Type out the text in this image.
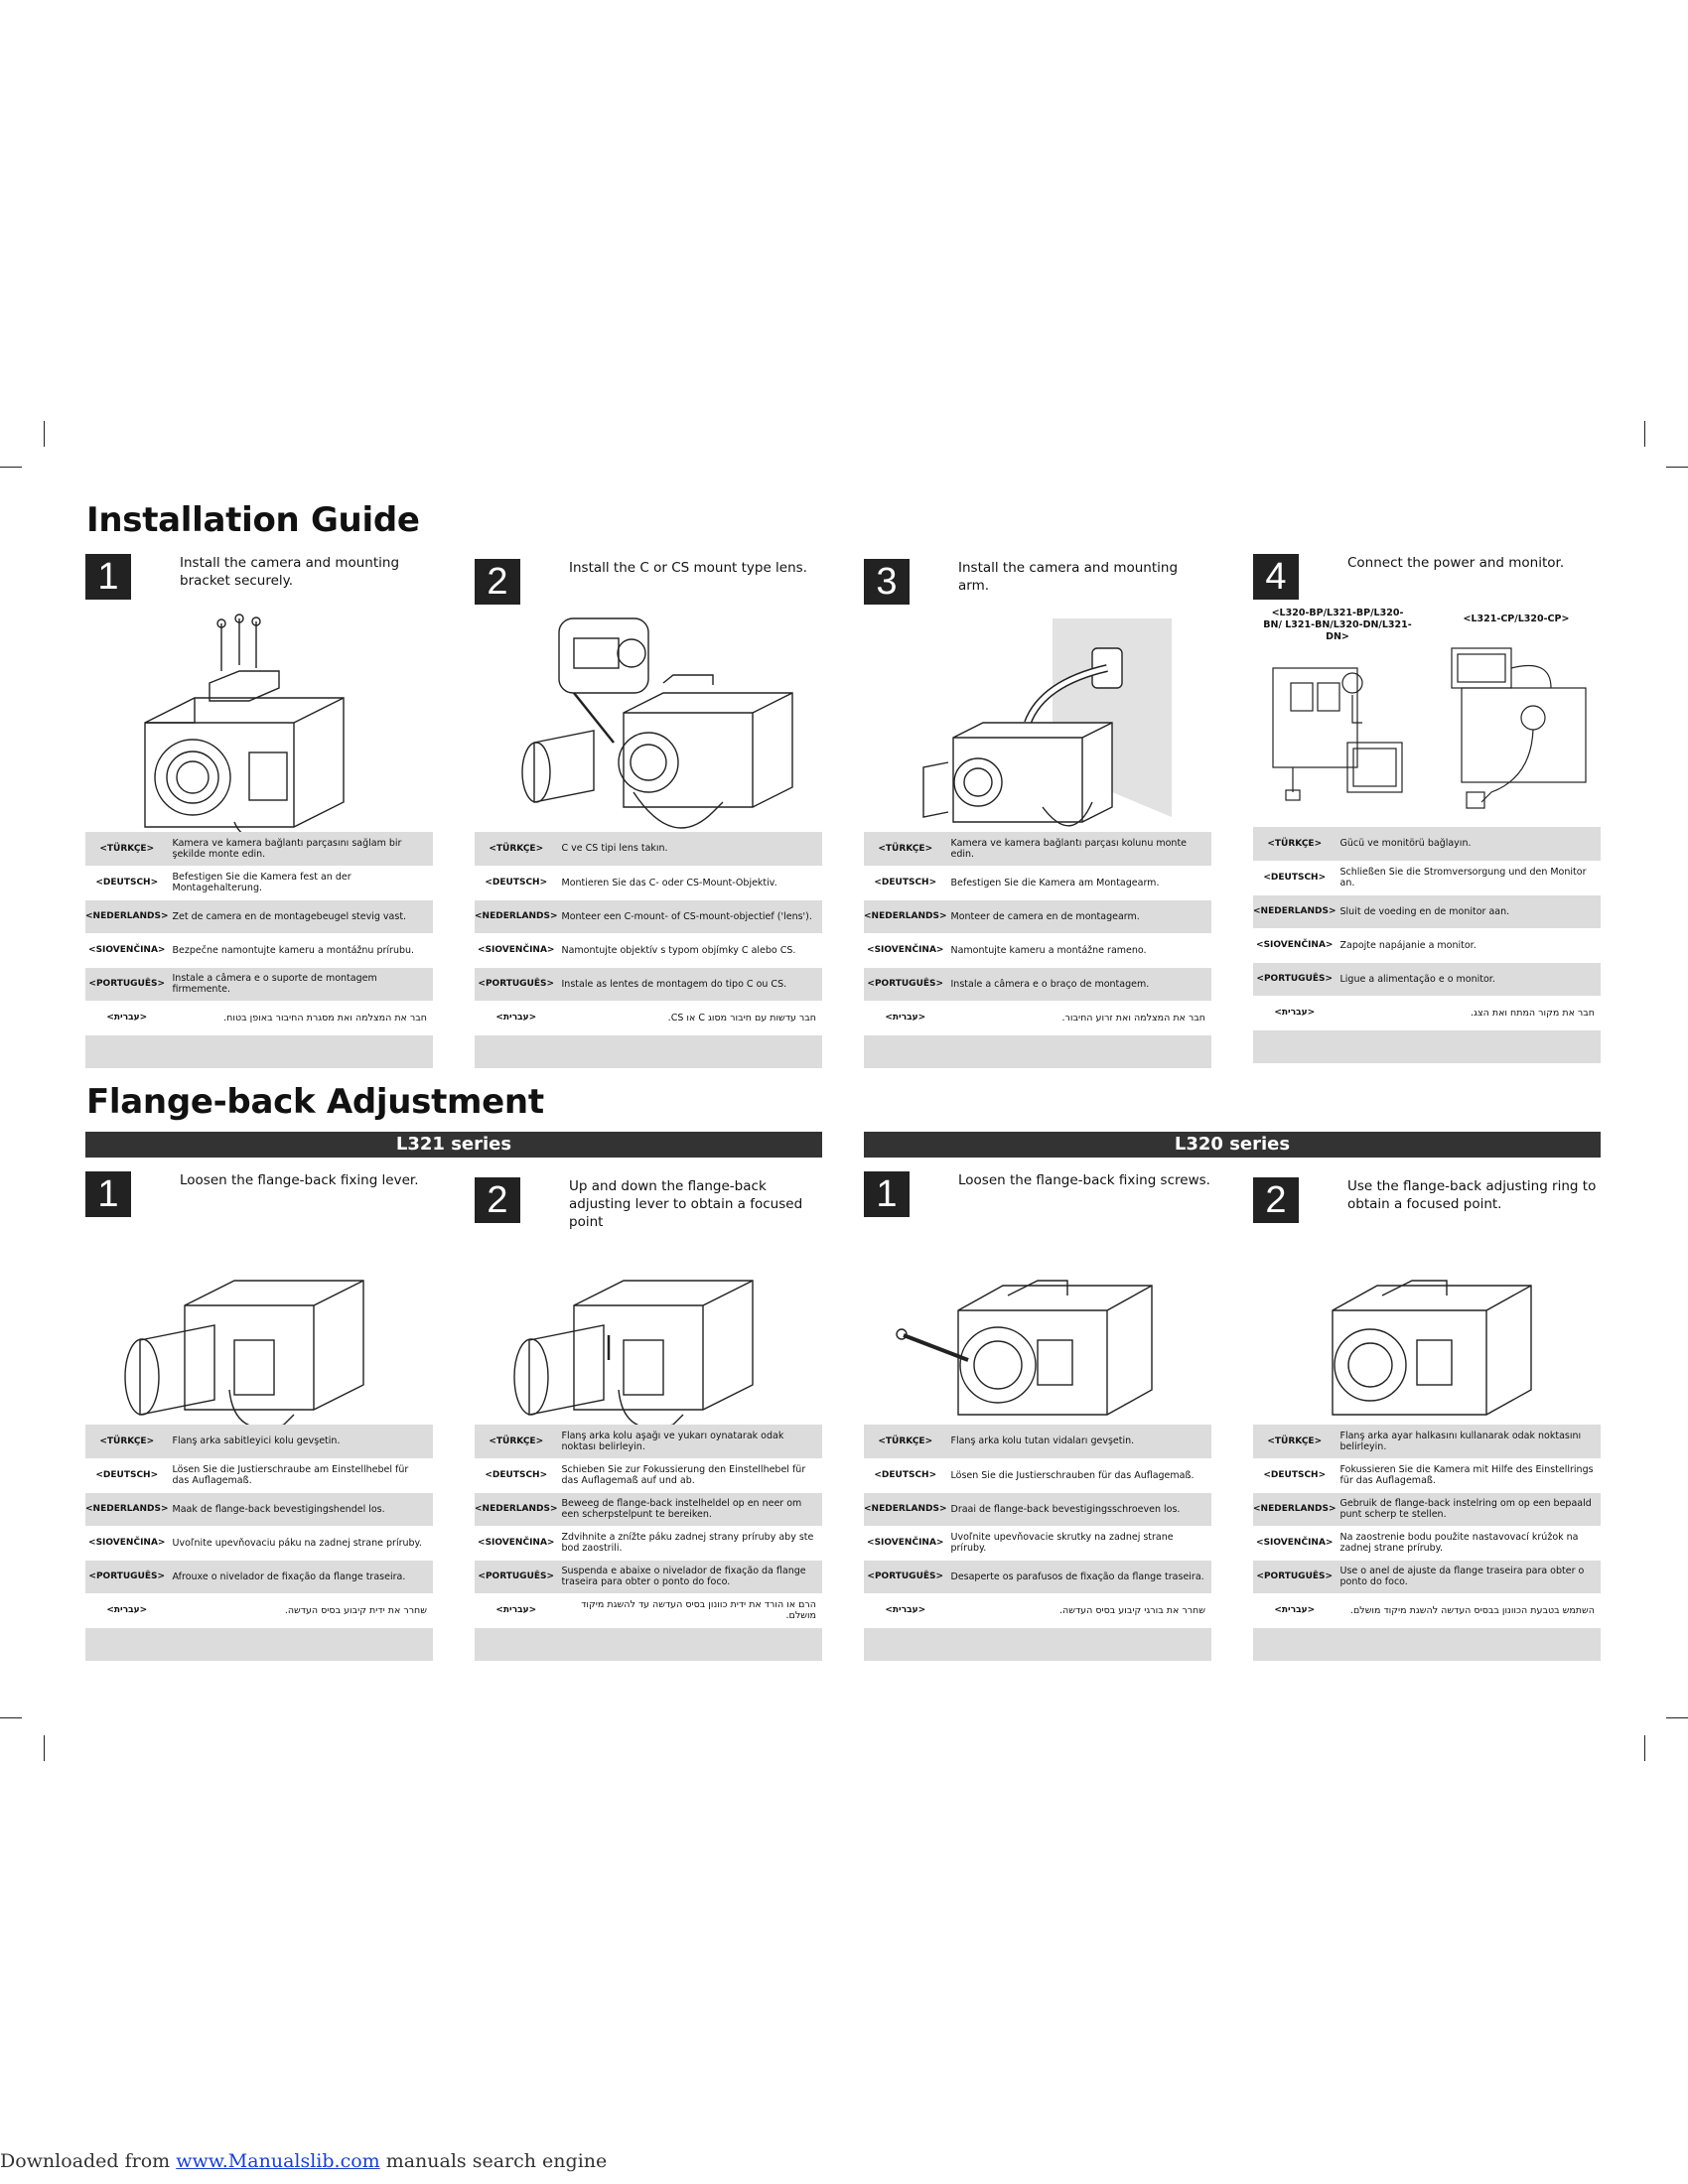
Installation Guide
1	Install the camera and mounting bracket securely.
<TÜRKÇE>	Kamera ve kamera bağlantı parçasını sağlam bir şekilde monte edin.
<DEUTSCH>	Befestigen Sie die Kamera fest an der Montagehalterung.
<NEDERLANDS>	Zet de camera en de montagebeugel stevig vast.
<SIOVENČINA>	Bezpečne namontujte kameru a montážnu prírubu.
<PORTUGUÊS>	Instale a câmera e o suporte de montagem firmemente.
<עברית>	חבר את המצלמה ואת מסגרת החיבור באופן בטוח.

2	Install the C or CS mount type lens.
<TÜRKÇE>	C ve CS tipi lens takın.
<DEUTSCH>	Montieren Sie das C- oder CS-Mount-Objektiv.
<NEDERLANDS>	Monteer een C-mount- of CS-mount-objectief ('lens').
<SIOVENČINA>	Namontujte objektív s typom objímky C alebo CS.
<PORTUGUÊS>	Instale as lentes de montagem do tipo C ou CS.
<עברית>	חבר עדשות עם חיבור מסוג C או CS.

3	Install the camera and mounting arm.
<TÜRKÇE>	Kamera ve kamera bağlantı parçası kolunu monte edin.
<DEUTSCH>	Befestigen Sie die Kamera am Montagearm.
<NEDERLANDS>	Monteer de camera en de montagearm.
<SIOVENČINA>	Namontujte kameru a montážne rameno.
<PORTUGUÊS>	Instale a câmera e o braço de montagem.
<עברית>	חבר את המצלמה ואת זרוע החיבור.

4	Connect the power and monitor.
<L320-BP/L321-BP/L320-BN/ L321-BN/L320-DN/L321-DN>
<L321-CP/L320-CP>
<TÜRKÇE>	Gücü ve monitörü bağlayın.
<DEUTSCH>	Schließen Sie die Stromversorgung und den Monitor an.
<NEDERLANDS>	Sluit de voeding en de monitor aan.
<SIOVENČINA>	Zapojte napájanie a monitor.
<PORTUGUÊS>	Ligue a alimentação e o monitor.
<עברית>	חבר את מקור המתח ואת הצג.

Flange-back Adjustment
L321 series	L320 series
1	Loosen the flange-back fixing lever.
<TÜRKÇE>	Flanş arka sabitleyici kolu gevşetin.
<DEUTSCH>	Lösen Sie die Justierschraube am Einstellhebel für das Auflagemaß.
<NEDERLANDS>	Maak de flange-back bevestigingshendel los.
<SIOVENČINA>	Uvoľnite upevňovaciu páku na zadnej strane príruby.
<PORTUGUÊS>	Afrouxe o nivelador de fixação da flange traseira.
<עברית>	שחרר את ידית קיבוע בסיס העדשה.

2	Up and down the flange-back adjusting lever to obtain a focused point
<TÜRKÇE>	Flanş arka kolu aşağı ve yukarı oynatarak odak noktası belirleyin.
<DEUTSCH>	Schieben Sie zur Fokussierung den Einstellhebel für das Auflagemaß auf und ab.
<NEDERLANDS>	Beweeg de flange-back instelheldel op en neer om een scherpstelpunt te bereiken.
<SIOVENČINA>	Zdvihnite a znížte páku zadnej strany príruby aby ste bod zaostrili.
<PORTUGUÊS>	Suspenda e abaixe o nivelador de fixação da flange traseira para obter o ponto do foco.
<עברית>	הרם או הורד את ידית כוונון בסיס העדשה עד להשגת מיקוד מושלם.

1	Loosen the flange-back fixing screws.
<TÜRKÇE>	Flanş arka kolu tutan vidaları gevşetin.
<DEUTSCH>	Lösen Sie die Justierschrauben für das Auflagemaß.
<NEDERLANDS>	Draai de flange-back bevestigingsschroeven los.
<SIOVENČINA>	Uvoľnite upevňovacie skrutky na zadnej strane príruby.
<PORTUGUÊS>	Desaperte os parafusos de fixação da flange traseira.
<עברית>	שחרר את בורגי קיבוע בסיס העדשה.

2	Use the flange-back adjusting ring to obtain a focused point.
<TÜRKÇE>	Flanş arka ayar halkasını kullanarak odak noktasını belirleyin.
<DEUTSCH>	Fokussieren Sie die Kamera mit Hilfe des Einstellrings für das Auflagemaß.
<NEDERLANDS>	Gebruik de flange-back instelring om op een bepaald punt scherp te stellen.
<SIOVENČINA>	Na zaostrenie bodu použite nastavovací krúžok na zadnej strane príruby.
<PORTUGUÊS>	Use o anel de ajuste da flange traseira para obter o ponto do foco.
<עברית>	השתמש בטבעת הכוונון בבסיס העדשה להשגת מיקוד מושלם.

Downloaded from www.Manualslib.com manuals search engine
